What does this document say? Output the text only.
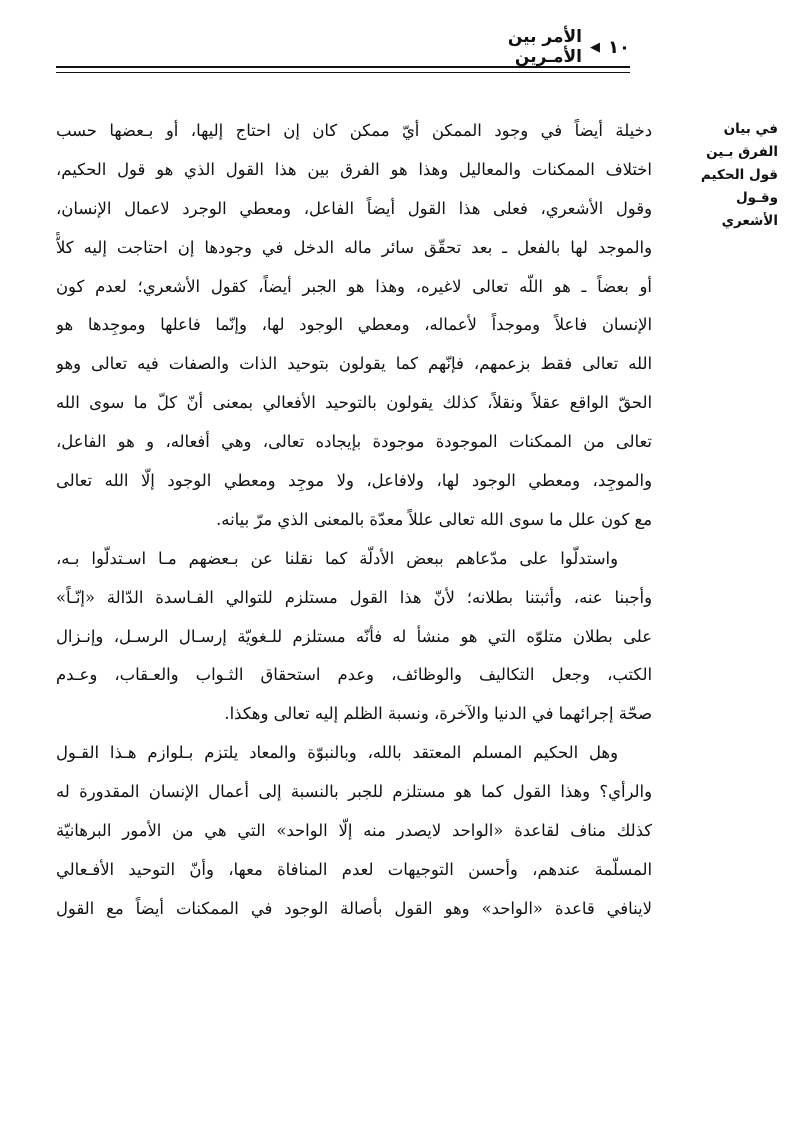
١٠
▶
الأمر بين الأمـرين
في بيان الفرق بـين
قول الحكيم وقـول
الأشعري
دخيلة أيضاً في وجود الممكن أيّ ممكن كان إن احتاج إليها، أو بـعضها حسب
اختلاف الممكنات والمعاليل وهذا هو الفرق بين هذا القول الذي هو قول الحكيم،
وقول الأشعري، فعلى هذا القول أيضاً الفاعل، ومعطي الوجرد لاعمال الإنسان،
والموجد لها بالفعل ـ بعد تحقّق سائر ماله الدخل في وجودها إن احتاجت إليه كلاًّ
أو بعضاً ـ هو اللّه تعالى لاغيره، وهذا هو الجبر أيضاً، كقول الأشعري؛ لعدم كون
الإنسان فاعلاً وموجداً لأعماله، ومعطي الوجود لها، وإنّما فاعلها وموجِدها هو
الله تعالى فقط بزعمهم، فإنّهم كما يقولون بتوحيد الذات والصفات فيه تعالى وهو
الحقّ الواقع عقلاً ونقلاً، كذلك يقولون بالتوحيد الأفعالي بمعنى أنّ كلّ ما سوى الله
تعالى من الممكنات الموجودة موجودة بإيجاده تعالى، وهي أفعاله، و هو الفاعل،
والموجِد، ومعطي الوجود لها، ولافاعل، ولا موجِد ومعطي الوجود إلّا الله تعالى
مع كون علل ما سوى الله تعالى عللاً معدّة بالمعنى الذي مرّ بيانه.
واستدلّوا على مدّعاهم ببعض الأدلّة كما نقلنا عن بـعضهم مـا اسـتدلّوا بـه،
وأجبنا عنه، وأثبتنا بطلانه؛ لأنّ هذا القول مستلزم للتوالي الفـاسدة الدّالة «إنّـاً»
على بطلان متلوّه التي هو منشأ له فأنّه مستلزم للـغويّة إرسـال الرسـل، وإنـزال
الكتب، وجعل التكاليف والوظائف، وعدم استحقاق الثـواب والعـقاب، وعـدم
صحّة إجرائهما في الدنيا والآخرة، ونسبة الظلم إليه تعالى وهكذا.
وهل الحكيم المسلم المعتقد بالله، وبالنبوّة والمعاد يلتزم بـلوازم هـذا القـول
والرأي؟ وهذا القول كما هو مستلزم للجبر بالنسبة إلى أعمال الإنسان المقدورة له
كذلك مناف لقاعدة «الواحد لايصدر منه إلّا الواحد» التي هي من الأمور البرهانيّة
المسلّمة عندهم، وأحسن التوجيهات لعدم المنافاة معها، وأنّ التوحيد الأفـعالي
لاينافي قاعدة «الواحد» وهو القول بأصالة الوجود في الممكنات أيضاً مع القول
